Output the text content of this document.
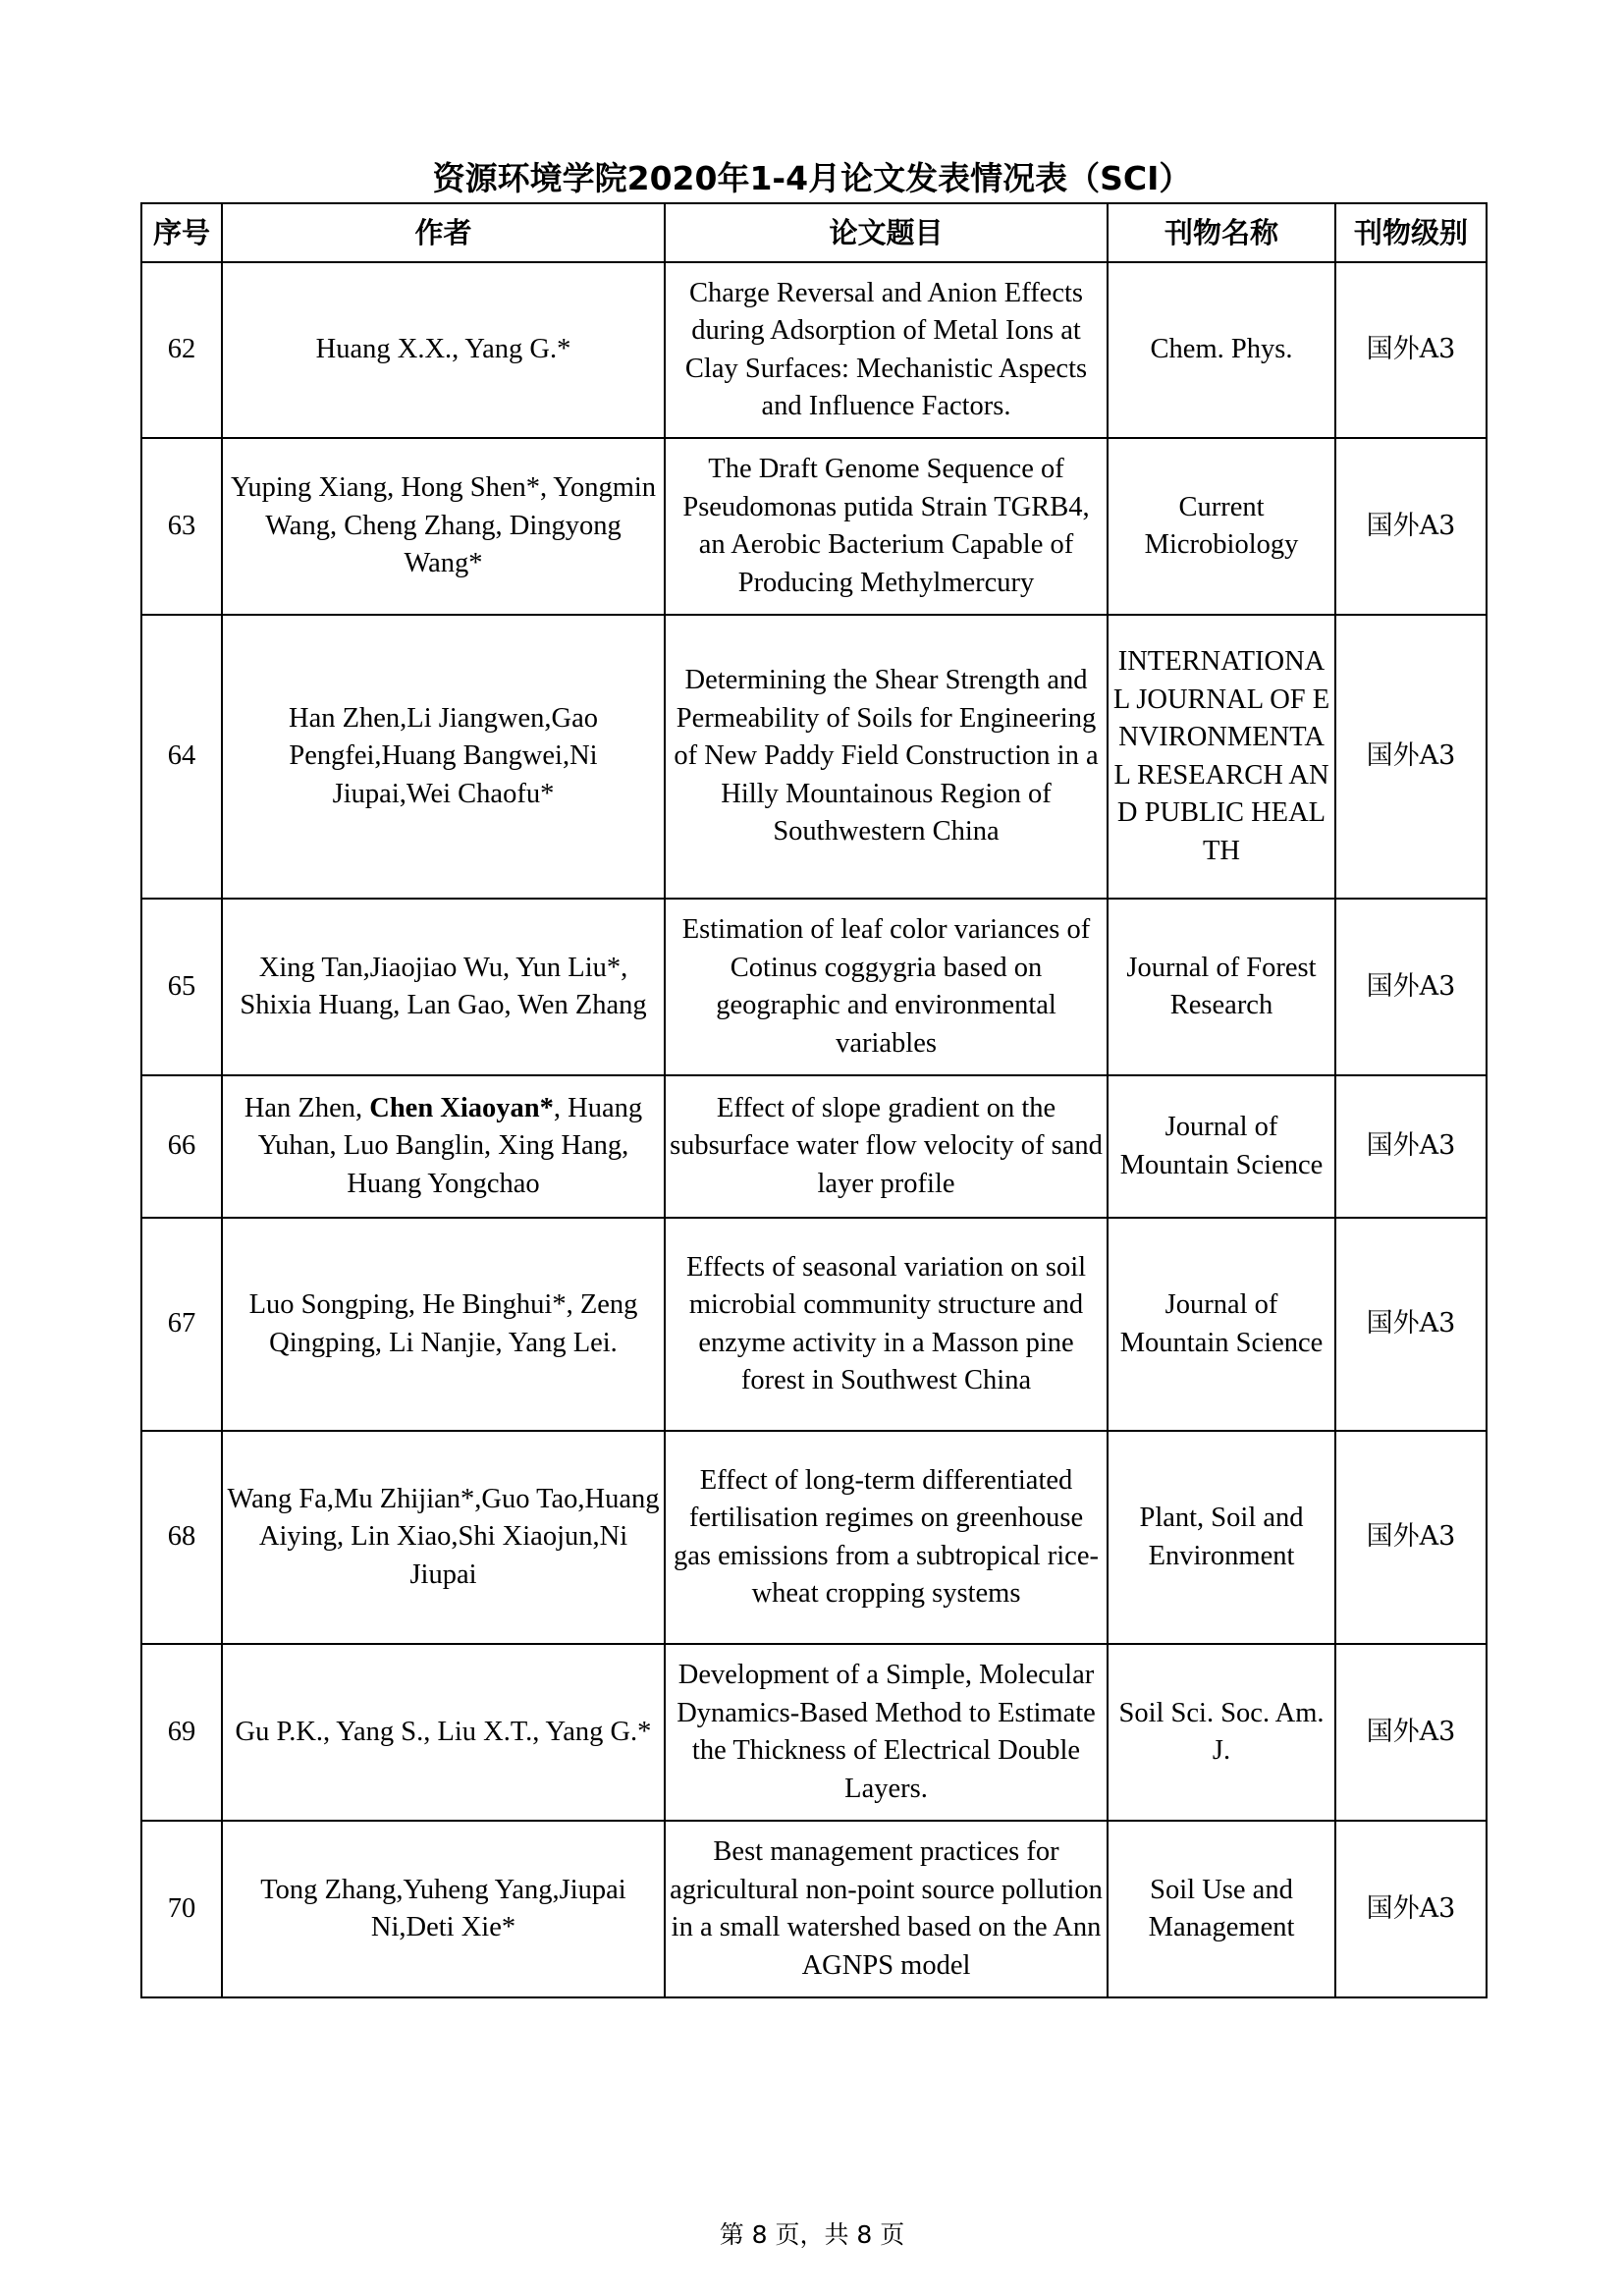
资源环境学院2020年1-4月论文发表情况表（SCI）
序号	作者	论文题目	刊物名称	刊物级别
62	Huang X.X., Yang G.*	Charge Reversal and Anion Effects during Adsorption of Metal Ions at Clay Surfaces: Mechanistic Aspects and Influence Factors.	Chem. Phys.	国外A3
63	Yuping Xiang, Hong Shen*, Yongmin Wang, Cheng Zhang, Dingyong Wang*	The Draft Genome Sequence of Pseudomonas putida Strain TGRB4, an Aerobic Bacterium Capable of Producing Methylmercury	Current Microbiology	国外A3
64	Han Zhen,Li Jiangwen,Gao Pengfei,Huang Bangwei,Ni Jiupai,Wei Chaofu*	Determining the Shear Strength and Permeability of Soils for Engineering of New Paddy Field Construction in a Hilly Mountainous Region of Southwestern China	INTERNATIONAL JOURNAL OF ENVIRONMENTAL RESEARCH AND PUBLIC HEALTH	国外A3
65	Xing Tan,Jiaojiao Wu, Yun Liu*, Shixia Huang, Lan Gao, Wen Zhang	Estimation of leaf color variances of Cotinus coggygria based on geographic and environmental variables	Journal of Forest Research	国外A3
66	Han Zhen, Chen Xiaoyan*, Huang Yuhan, Luo Banglin, Xing Hang, Huang Yongchao	Effect of slope gradient on the subsurface water flow velocity of sand layer profile	Journal of Mountain Science	国外A3
67	Luo Songping, He Binghui*, Zeng Qingping, Li Nanjie, Yang Lei.	Effects of seasonal variation on soil microbial community structure and enzyme activity in a Masson pine forest in Southwest China	Journal of Mountain Science	国外A3
68	Wang Fa,Mu Zhijian*,Guo Tao,Huang Aiying, Lin Xiao,Shi Xiaojun,Ni Jiupai	Effect of long-term differentiated fertilisation regimes on greenhouse gas emissions from a subtropical rice-wheat cropping systems	Plant, Soil and Environment	国外A3
69	Gu P.K., Yang S., Liu X.T., Yang G.*	Development of a Simple, Molecular Dynamics-Based Method to Estimate the Thickness of Electrical Double Layers.	Soil Sci. Soc. Am. J.	国外A3
70	Tong Zhang,Yuheng Yang,Jiupai Ni,Deti Xie*	Best management practices for agricultural non-point source pollution in a small watershed based on the Ann AGNPS model	Soil Use and Management	国外A3
第 8 页，共 8 页
